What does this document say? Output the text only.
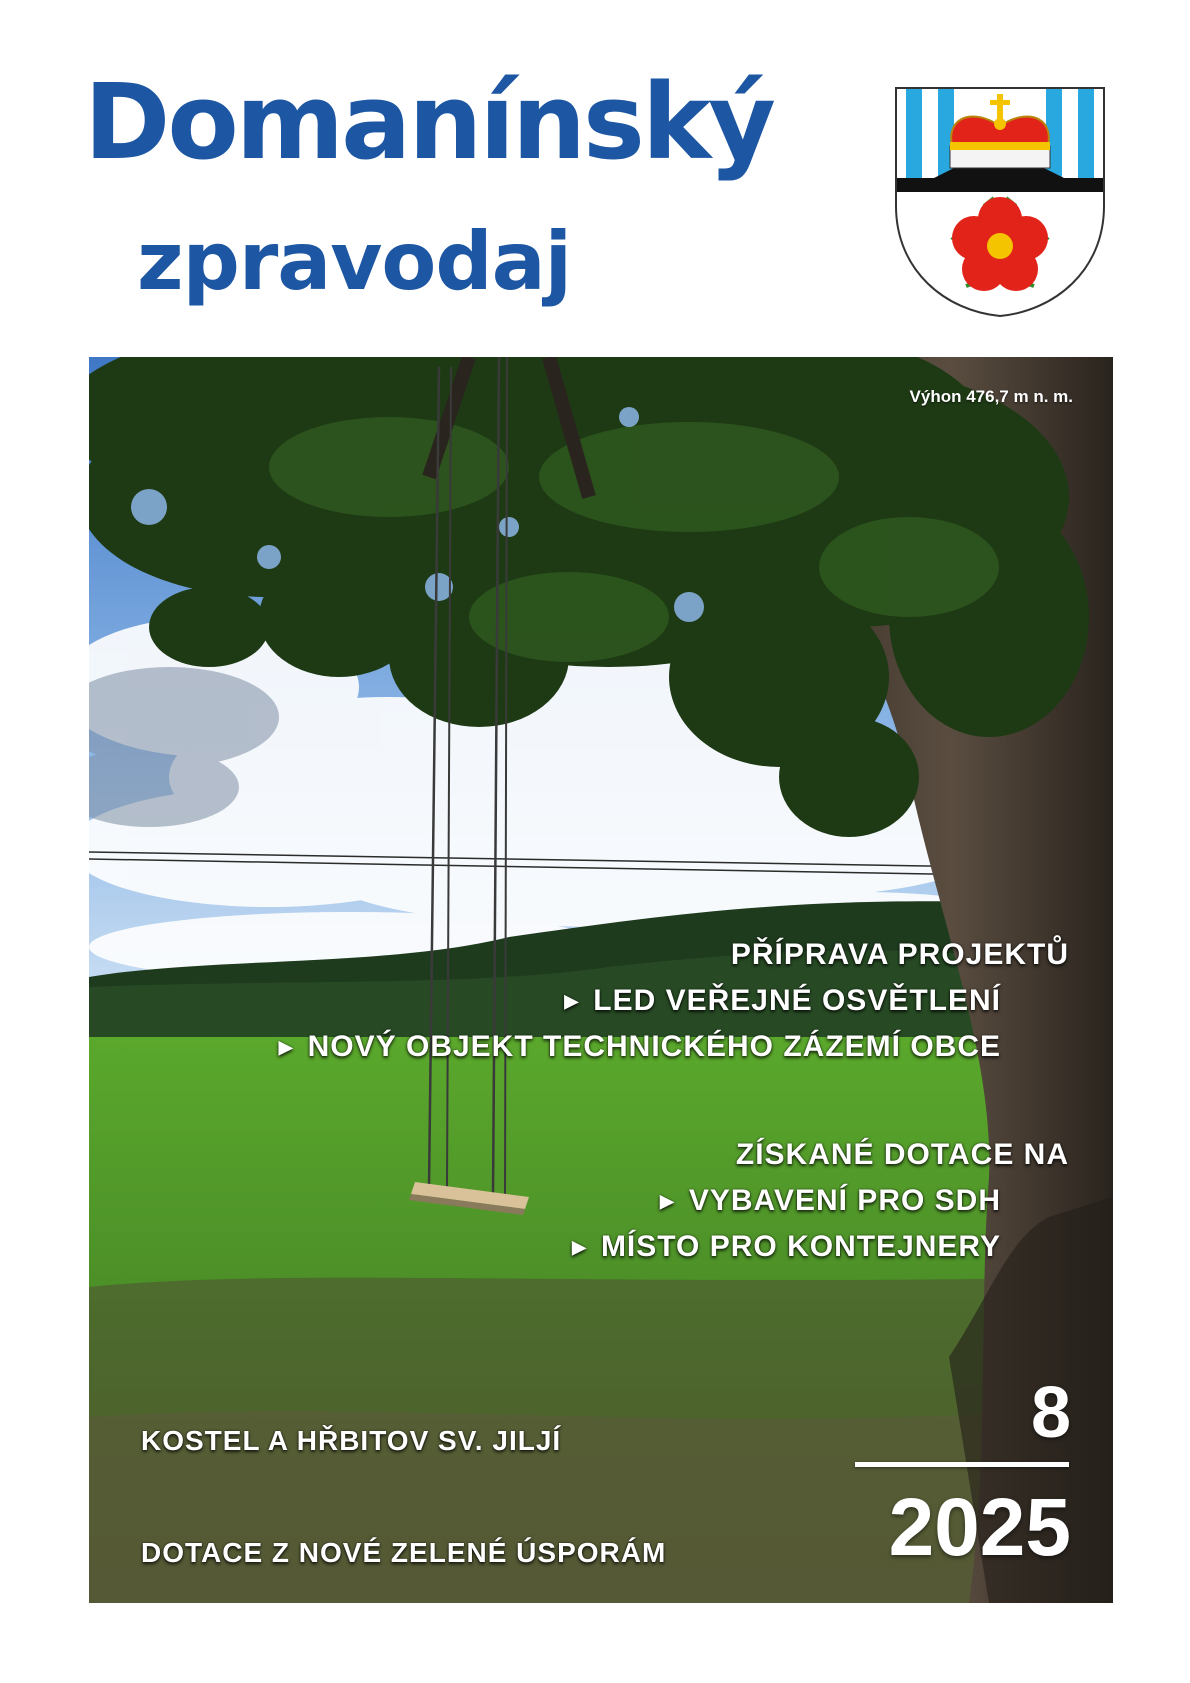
Domanínský
zpravodaj
Výhon 476,7 m n. m.
PŘÍPRAVA PROJEKTŮ
▶ LED VEŘEJNÉ OSVĚTLENÍ
▶ NOVÝ OBJEKT TECHNICKÉHO ZÁZEMÍ OBCE
ZÍSKANÉ DOTACE NA
▶ VYBAVENÍ PRO SDH
▶ MÍSTO PRO KONTEJNERY
8
2025
KOSTEL A HŘBITOV SV. JILJÍ
DOTACE Z NOVÉ ZELENÉ ÚSPORÁM
